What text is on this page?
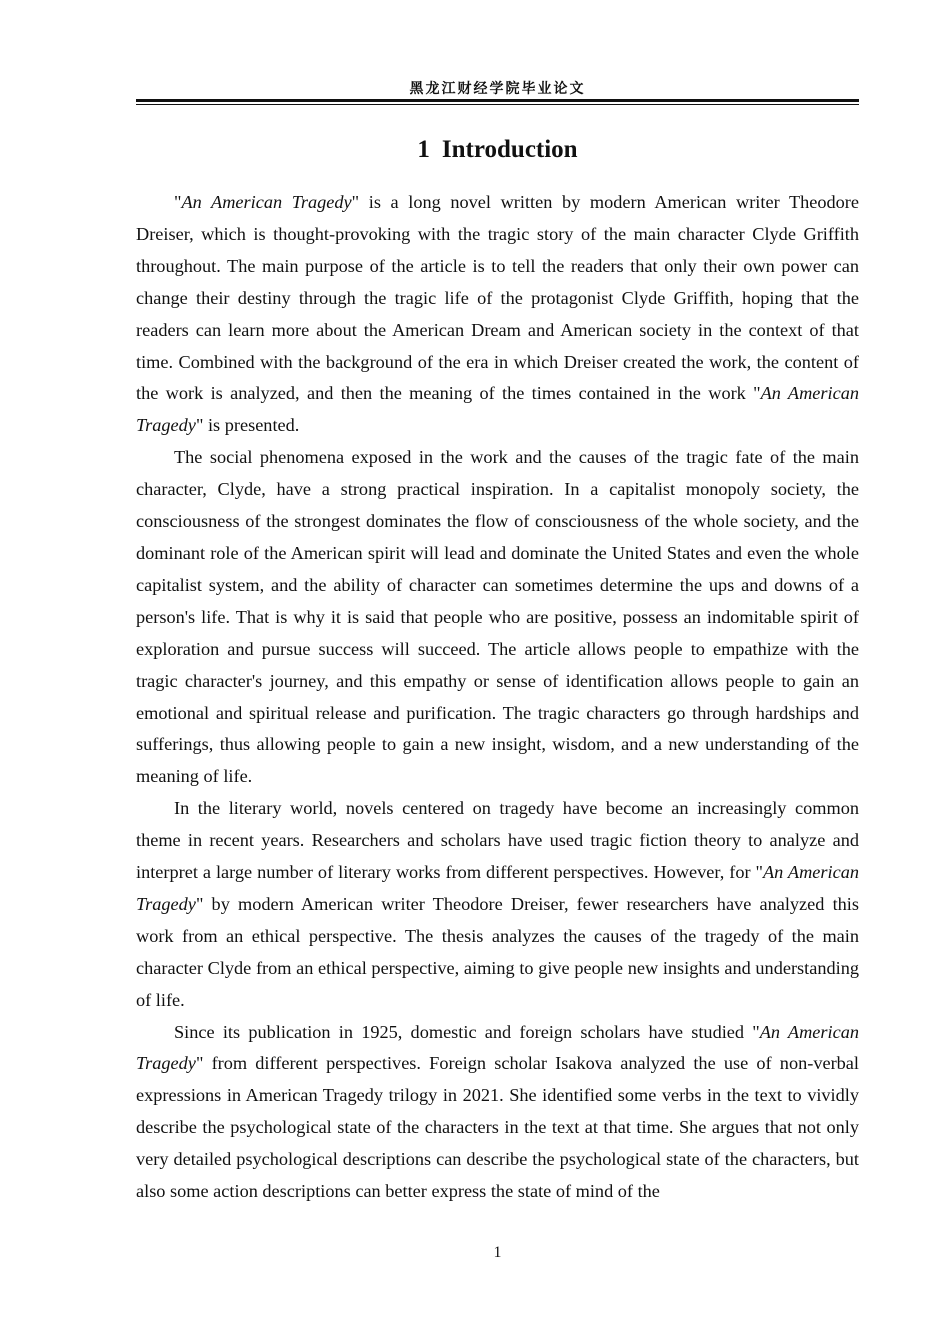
黑龙江财经学院毕业论文
1 Introduction

"An American Tragedy" is a long novel written by modern American writer Theodore Dreiser, which is thought-provoking with the tragic story of the main character Clyde Griffith throughout. The main purpose of the article is to tell the readers that only their own power can change their destiny through the tragic life of the protagonist Clyde Griffith, hoping that the readers can learn more about the American Dream and American society in the context of that time. Combined with the background of the era in which Dreiser created the work, the content of the work is analyzed, and then the meaning of the times contained in the work "An American Tragedy" is presented.

The social phenomena exposed in the work and the causes of the tragic fate of the main character, Clyde, have a strong practical inspiration. In a capitalist monopoly society, the consciousness of the strongest dominates the flow of consciousness of the whole society, and the dominant role of the American spirit will lead and dominate the United States and even the whole capitalist system, and the ability of character can sometimes determine the ups and downs of a person's life. That is why it is said that people who are positive, possess an indomitable spirit of exploration and pursue success will succeed. The article allows people to empathize with the tragic character's journey, and this empathy or sense of identification allows people to gain an emotional and spiritual release and purification. The tragic characters go through hardships and sufferings, thus allowing people to gain a new insight, wisdom, and a new understanding of the meaning of life.

In the literary world, novels centered on tragedy have become an increasingly common theme in recent years. Researchers and scholars have used tragic fiction theory to analyze and interpret a large number of literary works from different perspectives. However, for "An American Tragedy" by modern American writer Theodore Dreiser, fewer researchers have analyzed this work from an ethical perspective. The thesis analyzes the causes of the tragedy of the main character Clyde from an ethical perspective, aiming to give people new insights and understanding of life.

Since its publication in 1925, domestic and foreign scholars have studied "An American Tragedy" from different perspectives. Foreign scholar Isakova analyzed the use of non-verbal expressions in American Tragedy trilogy in 2021. She identified some verbs in the text to vividly describe the psychological state of the characters in the text at that time. She argues that not only very detailed psychological descriptions can describe the psychological state of the characters, but also some action descriptions can better express the state of mind of the

1
